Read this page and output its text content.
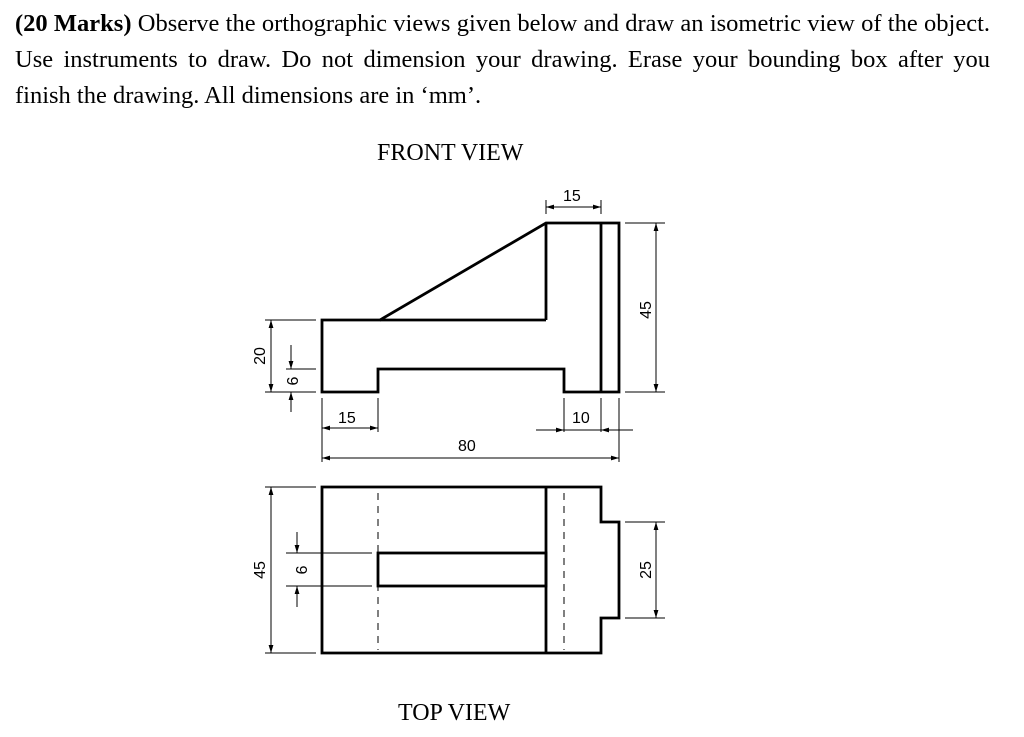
(20 Marks) Observe the orthographic views given below and draw an isometric view of the object. Use instruments to draw. Do not dimension your drawing. Erase your bounding box after you finish the drawing. All dimensions are in ‘mm’.
FRONT VIEW
TOP VIEW
15
45
20
6
15	10
80
45 9	25
